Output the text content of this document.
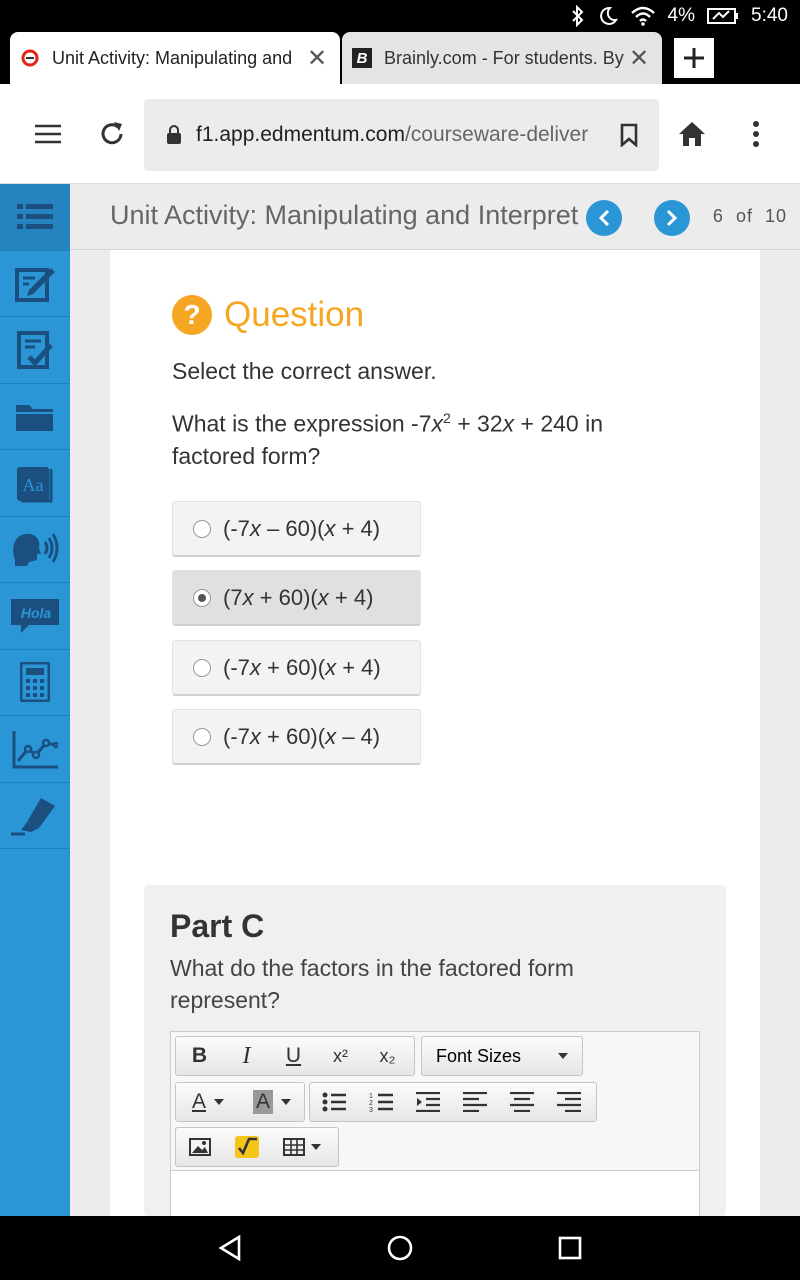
4%	5:40
Unit Activity: Manipulating and ✕	B Brainly.com - For students. By ✕
f1.app.edmentum.com/courseware-deliver
Aa
Hola
Unit Activity: Manipulating and Interpret	6 of 10
? Question
Select the correct answer.
What is the expression $-7x^2 + 32x + 240$ in factored form?
(-7x – 60)(x + 4)
(7x + 60)(x + 4)
(-7x + 60)(x + 4)
(-7x + 60)(x – 4)
Part C
What do the factors in the factored form represent?
B	I	U	x²	x₂	Font Sizes
A A	1
2
3
